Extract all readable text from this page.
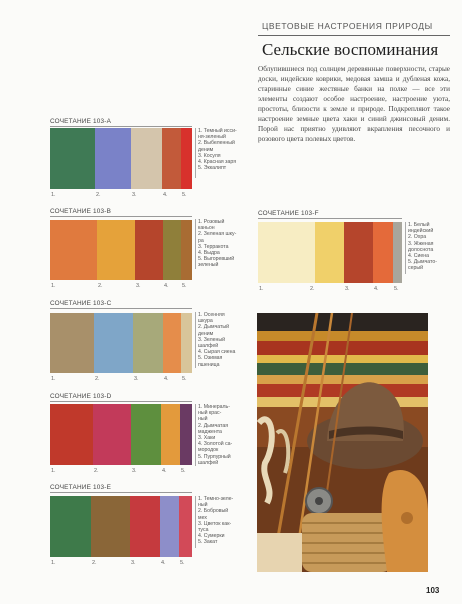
ЦВЕТОВЫЕ НАСТРОЕНИЯ ПРИРОДЫ
Сельские воспоминания
Облупившиеся под солнцем деревянные поверхности, старые доски, индейские коврики, медовая замша и дубленая кожа, старинные синие жестяные банки на полке — все эти элементы создают особое настроение, настроение уюта, простоты, близости к земле и природе. Подкрепляют такое настроение земные цвета хаки и синий джинсовый деним. Порой нас приятно удивляют вкрапления песочного и розового цвета полевых цветов.
СОЧЕТАНИЕ 103-А
1.	2.	3.	4.	5.
1. Темный исси-
ня-зеленый
2. Выбеленный
деним
3. Косуля
4. Красная заря
5. Эккалипт
СОЧЕТАНИЕ 103-B
1.	2.	3.	4. 5.
1. Розовый
каньон
2. Зеленая шку-
ра
3. Терракота
4. Выдра
5. Выгоревший
зеленый
СОЧЕТАНИЕ 103-C
1.	2.	3.	4. 5.
1. Осенняя
шкура
2. Дымчатый
деним
3. Зеленый
шалфей
4. Сырая сиена
5. Озимая
пшеница
СОЧЕТАНИЕ 103-D
1.	2.	3.	4.	5.
1. Минераль-
ный крас-
ный
2. Дымчатая
маджента
3. Хаки
4. Золотой са-
мородок
5. Пурпурный
шалфей
СОЧЕТАНИЕ 103-E
1.	2.	3.	4.	5.
1. Темно-зеле-
ный
2. Бобровый
мех
3. Цветок как-
туса
4. Сумерки
5. Закат
СОЧЕТАНИЕ 103-F
1.	2.	3.	4.	5.
1. Белый
индейский
2. Охра
3. Жженая
долоснота
4. Сиена
5. Дымчато-
серый
103
